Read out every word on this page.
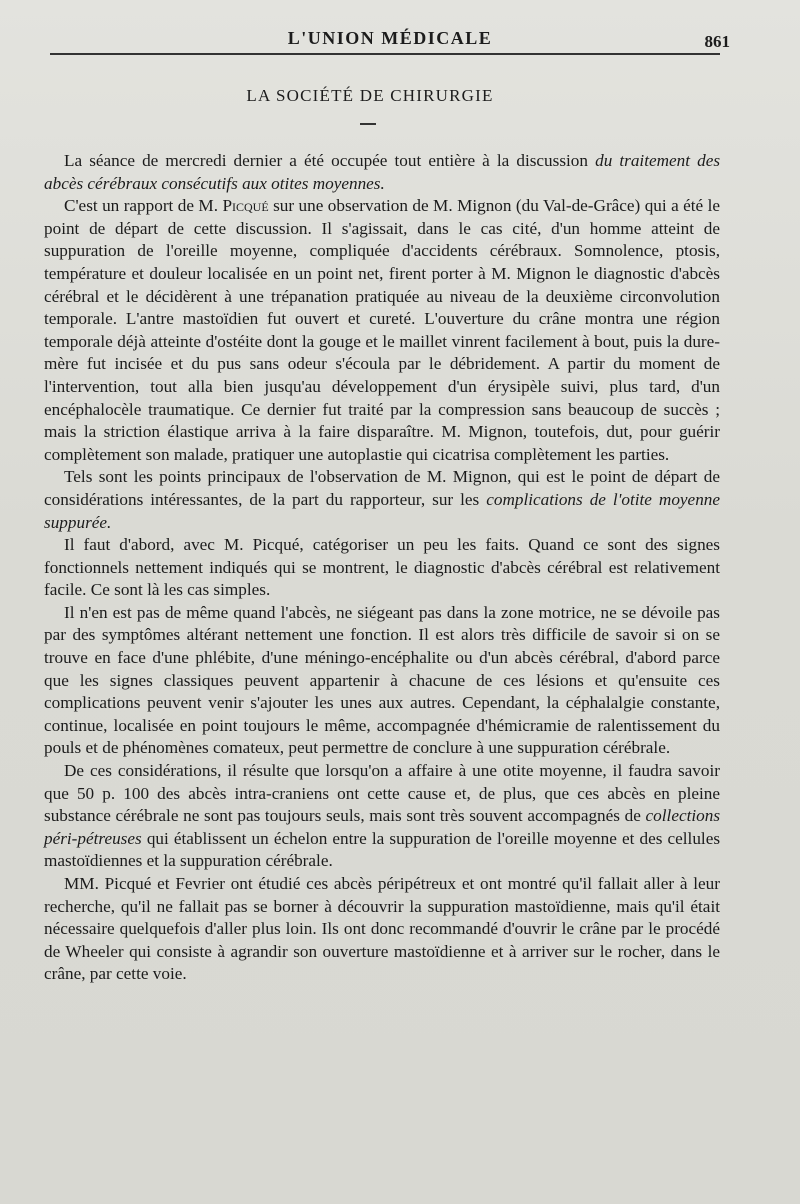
L'UNION MÉDICALE	861
LA SOCIÉTÉ DE CHIRURGIE

La séance de mercredi dernier a été occupée tout entière à la discussion du traitement des abcès cérébraux consécutifs aux otites moyennes.

C'est un rapport de M. Picqué sur une observation de M. Mignon (du Val-de-Grâce) qui a été le point de départ de cette discussion. Il s'agissait, dans le cas cité, d'un homme atteint de suppuration de l'oreille moyenne, compliquée d'accidents cérébraux. Somnolence, ptosis, température et douleur localisée en un point net, firent porter à M. Mignon le diagnostic d'abcès cérébral et le décidèrent à une trépanation pratiquée au niveau de la deuxième circonvolution temporale. L'antre mastoïdien fut ouvert et cureté. L'ouverture du crâne montra une région temporale déjà atteinte d'ostéite dont la gouge et le maillet vinrent facilement à bout, puis la dure-mère fut incisée et du pus sans odeur s'écoula par le débridement. A partir du moment de l'intervention, tout alla bien jusqu'au développement d'un érysipèle suivi, plus tard, d'un encéphalocèle traumatique. Ce dernier fut traité par la compression sans beaucoup de succès ; mais la striction élastique arriva à la faire disparaître. M. Mignon, toutefois, dut, pour guérir complètement son malade, pratiquer une autoplastie qui cicatrisa complètement les parties.

Tels sont les points principaux de l'observation de M. Mignon, qui est le point de départ de considérations intéressantes, de la part du rapporteur, sur les complications de l'otite moyenne suppurée.

Il faut d'abord, avec M. Picqué, catégoriser un peu les faits. Quand ce sont des signes fonctionnels nettement indiqués qui se montrent, le diagnostic d'abcès cérébral est relativement facile. Ce sont là les cas simples.

Il n'en est pas de même quand l'abcès, ne siégeant pas dans la zone motrice, ne se dévoile pas par des symptômes altérant nettement une fonction. Il est alors très difficile de savoir si on se trouve en face d'une phlébite, d'une méningo-encéphalite ou d'un abcès cérébral, d'abord parce que les signes classiques peuvent appartenir à chacune de ces lésions et qu'ensuite ces complications peuvent venir s'ajouter les unes aux autres. Cependant, la céphalalgie constante, continue, localisée en point toujours le même, accompagnée d'hémicramie de ralentissement du pouls et de phénomènes comateux, peut permettre de conclure à une suppuration cérébrale.

De ces considérations, il résulte que lorsqu'on a affaire à une otite moyenne, il faudra savoir que 50 p. 100 des abcès intra-craniens ont cette cause et, de plus, que ces abcès en pleine substance cérébrale ne sont pas toujours seuls, mais sont très souvent accompagnés de collections péri-pétreuses qui établissent un échelon entre la suppuration de l'oreille moyenne et des cellules mastoïdiennes et la suppuration cérébrale.

MM. Picqué et Fevrier ont étudié ces abcès péripétreux et ont montré qu'il fallait aller à leur recherche, qu'il ne fallait pas se borner à découvrir la suppuration mastoïdienne, mais qu'il était nécessaire quelquefois d'aller plus loin. Ils ont donc recommandé d'ouvrir le crâne par le procédé de Wheeler qui consiste à agrandir son ouverture mastoïdienne et à arriver sur le rocher, dans le crâne, par cette voie.
